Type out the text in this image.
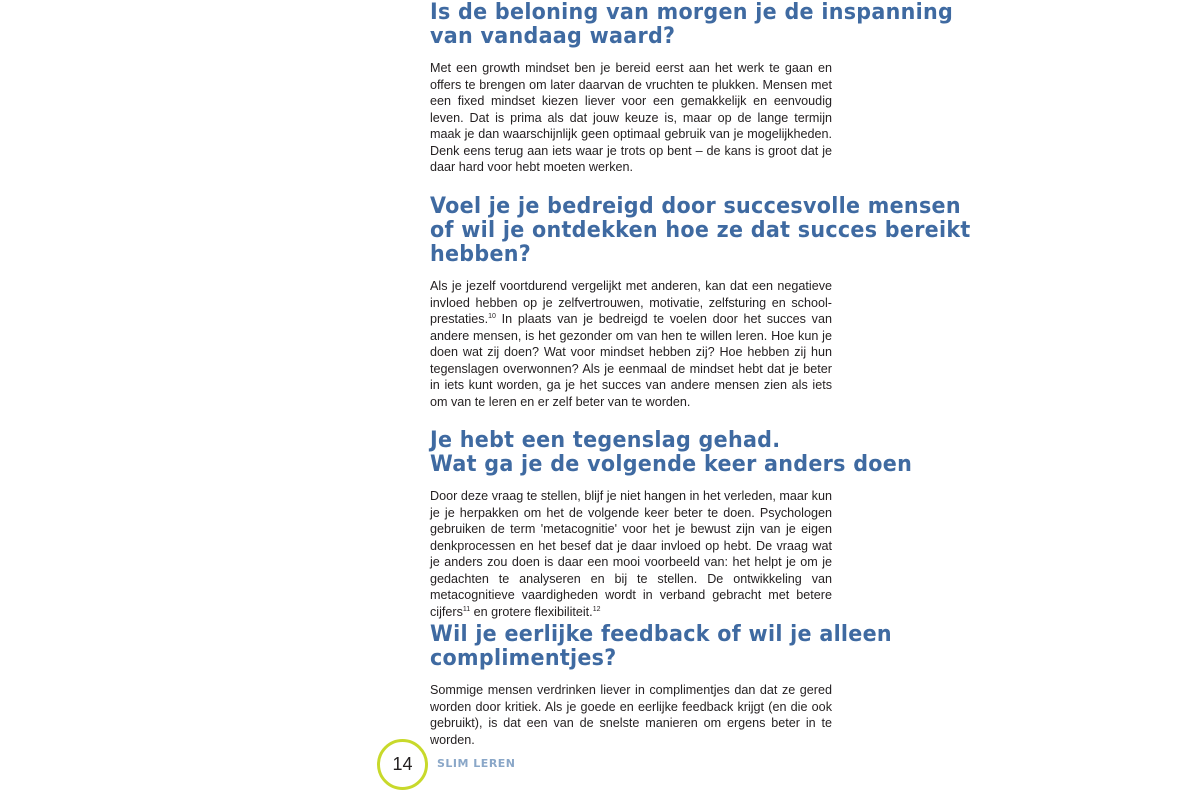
Is de beloning van morgen je de inspanning
van vandaag waard?

Met een growth mindset ben je bereid eerst aan het werk te gaan en offers te brengen om later daarvan de vruchten te plukken. Mensen met een fixed mindset kiezen liever voor een gemakkelijk en eenvoudig leven. Dat is prima als dat jouw keuze is, maar op de lange termijn maak je dan waarschijnlijk geen optimaal gebruik van je mogelijkheden. Denk eens terug aan iets waar je trots op bent – de kans is groot dat je daar hard voor hebt moeten werken.

Voel je je bedreigd door succesvolle mensen
of wil je ontdekken hoe ze dat succes bereikt
hebben?

Als je jezelf voortdurend vergelijkt met anderen, kan dat een negatieve invloed hebben op je zelfvertrouwen, motivatie, zelfsturing en schoolprestaties.$^{10}$ In plaats van je bedreigd te voelen door het succes van andere mensen, is het gezonder om van hen te willen leren. Hoe kun je doen wat zij doen? Wat voor mindset hebben zij? Hoe hebben zij hun tegenslagen overwonnen? Als je eenmaal de mindset hebt dat je beter in iets kunt worden, ga je het succes van andere mensen zien als iets om van te leren en er zelf beter van te worden.

Je hebt een tegenslag gehad.
Wat ga je de volgende keer anders doen

Door deze vraag te stellen, blijf je niet hangen in het verleden, maar kun je je herpakken om het de volgende keer beter te doen. Psychologen gebruiken de term 'metacognitie' voor het je bewust zijn van je eigen denkprocessen en het besef dat je daar invloed op hebt. De vraag wat je anders zou doen is daar een mooi voorbeeld van: het helpt je om je gedachten te analyseren en bij te stellen. De ontwikkeling van metacognitieve vaardigheden wordt in verband gebracht met betere cijfers$^{11}$ en grotere flexibiliteit.$^{12}$

Wil je eerlijke feedback of wil je alleen
complimentjes?

Sommige mensen verdrinken liever in complimentjes dan dat ze gered worden door kritiek. Als je goede en eerlijke feedback krijgt (en die ook gebruikt), is dat een van de snelste manieren om ergens beter in te worden.

14 SLIM LEREN
